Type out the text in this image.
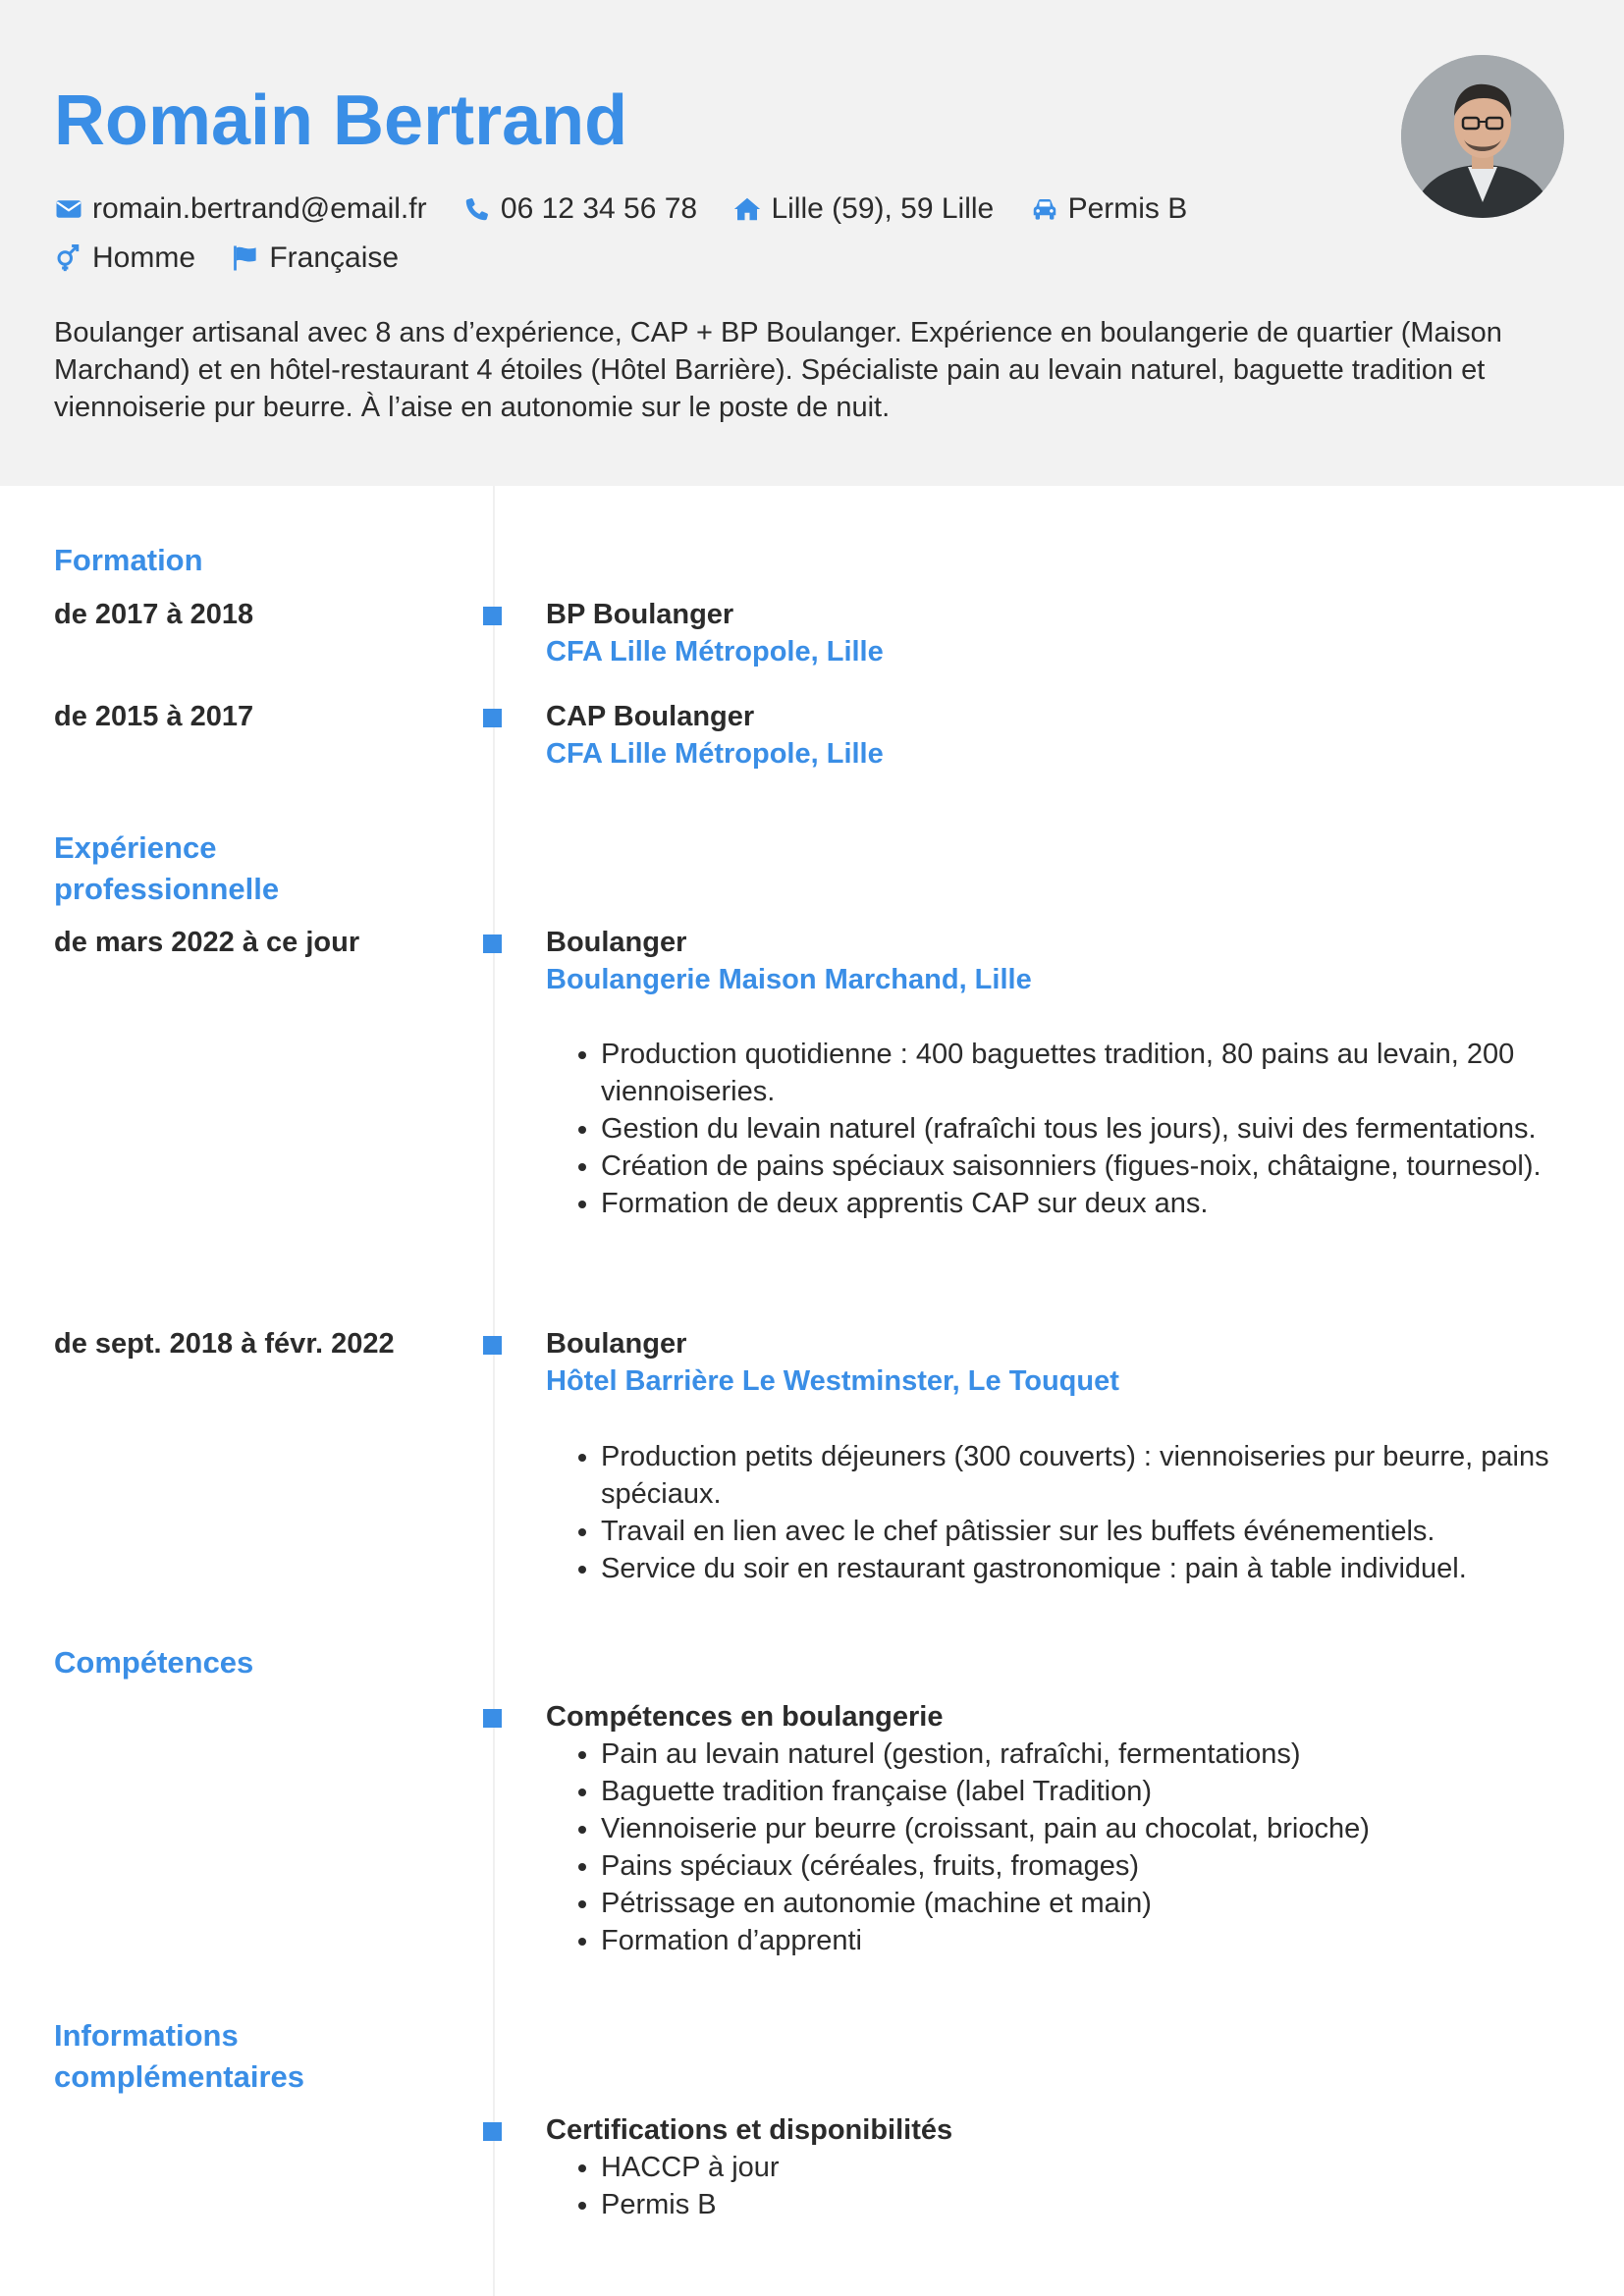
Romain Bertrand
romain.bertrand@email.fr
	06 12 34 56 78
	Lille (59), 59 Lille
	Permis B

Homme
	Française

Boulanger artisanal avec 8 ans d’expérience, CAP + BP Boulanger. Expérience en boulangerie de quartier (Maison Marchand) et en hôtel-restaurant 4 étoiles (Hôtel Barrière). Spécialiste pain au levain naturel, baguette tradition et viennoiserie pur beurre. À l’aise en autonomie sur le poste de nuit.

Formation
de 2017 à 2018	BP Boulanger
CFA Lille Métropole, Lille
de 2015 à 2017	CAP Boulanger
CFA Lille Métropole, Lille
Expérience
professionnelle
de mars 2022 à ce jour	Boulanger
Boulangerie Maison Marchand, Lille
• Production quotidienne : 400 baguettes tradition, 80 pains au levain, 200 viennoiseries.
• Gestion du levain naturel (rafraîchi tous les jours), suivi des fermentations.
• Création de pains spéciaux saisonniers (figues-noix, châtaigne, tournesol).
• Formation de deux apprentis CAP sur deux ans.
de sept. 2018 à févr. 2022	Boulanger
Hôtel Barrière Le Westminster, Le Touquet
• Production petits déjeuners (300 couverts) : viennoiseries pur beurre, pains spéciaux.
• Travail en lien avec le chef pâtissier sur les buffets événementiels.
• Service du soir en restaurant gastronomique : pain à table individuel.
Compétences
Compétences en boulangerie
• Pain au levain naturel (gestion, rafraîchi, fermentations)
• Baguette tradition française (label Tradition)
• Viennoiserie pur beurre (croissant, pain au chocolat, brioche)
• Pains spéciaux (céréales, fruits, fromages)
• Pétrissage en autonomie (machine et main)
• Formation d’apprenti
Informations
complémentaires
Certifications et disponibilités
• HACCP à jour
• Permis B
